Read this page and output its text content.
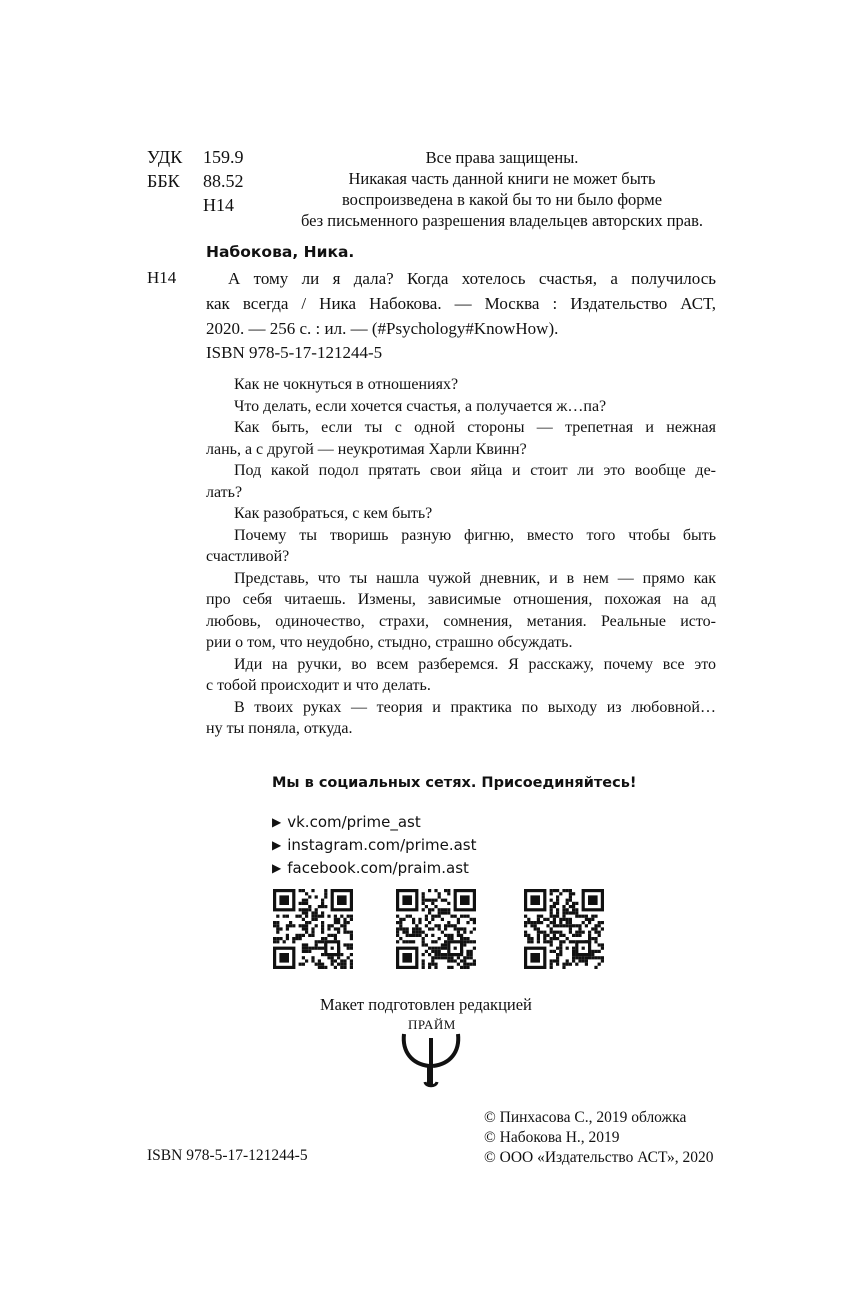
УДК 159.9
ББК 88.52
Н14
Все права защищены.
Никакая часть данной книги не может быть
воспроизведена в какой бы то ни было форме
без письменного разрешения владельцев авторских прав.
Набокова, Ника.
Н14	А тому ли я дала? Когда хотелось счастья, а получилось
как всегда / Ника Набокова. — Москва : Издательство АСТ,
2020. — 256 с. : ил. — (#Psychology#KnowHow).
ISBN 978-5-17-121244-5
Как не чокнуться в отношениях?
Что делать, если хочется счастья, а получается ж…па?
Как быть, если ты с одной стороны — трепетная и нежная
лань, а с другой — неукротимая Харли Квинн?
Под какой подол прятать свои яйца и стоит ли это вообще де-
лать?
Как разобраться, с кем быть?
Почему ты творишь разную фигню, вместо того чтобы быть
счастливой?
Представь, что ты нашла чужой дневник, и в нем — прямо как
про себя читаешь. Измены, зависимые отношения, похожая на ад
любовь, одиночество, страхи, сомнения, метания. Реальные исто-
рии о том, что неудобно, стыдно, страшно обсуждать.
Иди на ручки, во всем разберемся. Я расскажу, почему все это
с тобой происходит и что делать.
В твоих руках — теория и практика по выходу из любовной…
ну ты поняла, откуда.
Мы в социальных сетях. Присоединяйтесь!
▶ vk.com/prime_ast
▶ instagram.com/prime.ast
▶ facebook.com/praim.ast
Макет подготовлен редакцией
ПРАЙМ
© Пинхасова С., 2019 обложка
© Набокова Н., 2019
© ООО «Издательство АСТ», 2020
ISBN 978-5-17-121244-5
